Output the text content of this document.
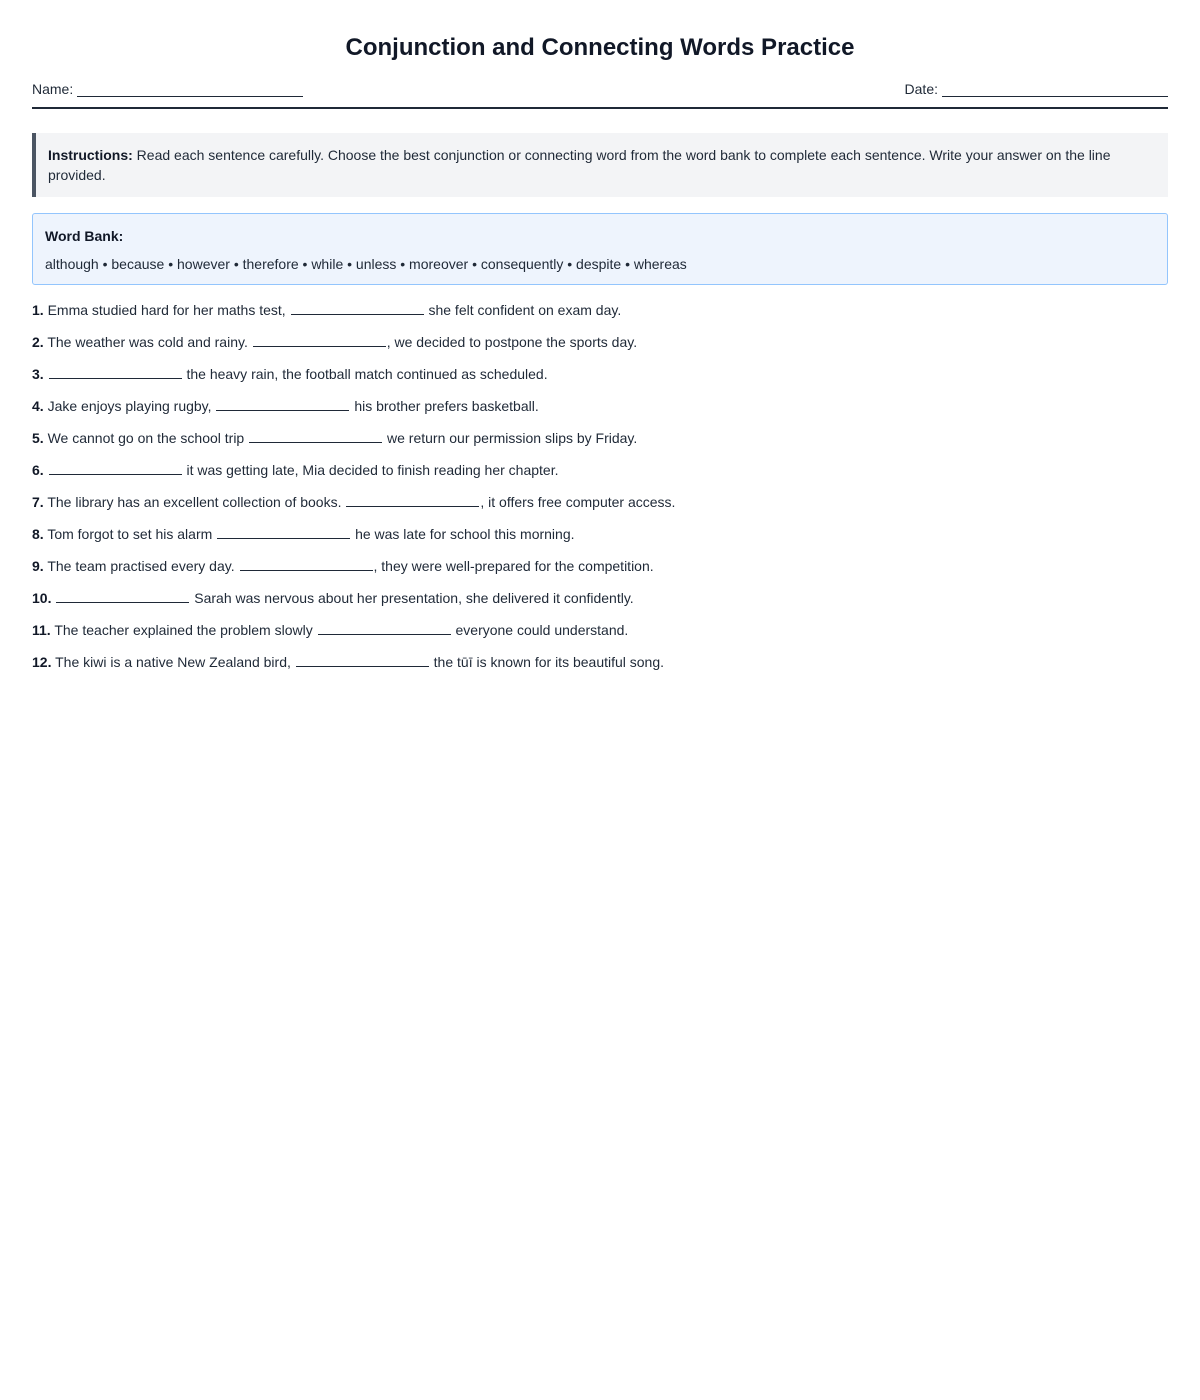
Conjunction and Connecting Words Practice
Name:	Date:
Instructions: Read each sentence carefully. Choose the best conjunction or connecting word from the word bank to complete each sentence. Write your answer on the line provided.
Word Bank:
although • because • however • therefore • while • unless • moreover • consequently • despite • whereas
1. Emma studied hard for her maths test,	she felt confident on exam day.
2. The weather was cold and rainy.	, we decided to postpone the sports day.
3.	the heavy rain, the football match continued as scheduled.
4. Jake enjoys playing rugby,	his brother prefers basketball.
5. We cannot go on the school trip	we return our permission slips by Friday.
6.	it was getting late, Mia decided to finish reading her chapter.
7. The library has an excellent collection of books.	, it offers free computer access.
8. Tom forgot to set his alarm	he was late for school this morning.
9. The team practised every day.	, they were well-prepared for the competition.
10.	Sarah was nervous about her presentation, she delivered it confidently.
11. The teacher explained the problem slowly	everyone could understand.
12. The kiwi is a native New Zealand bird,	the tūī is known for its beautiful song.
